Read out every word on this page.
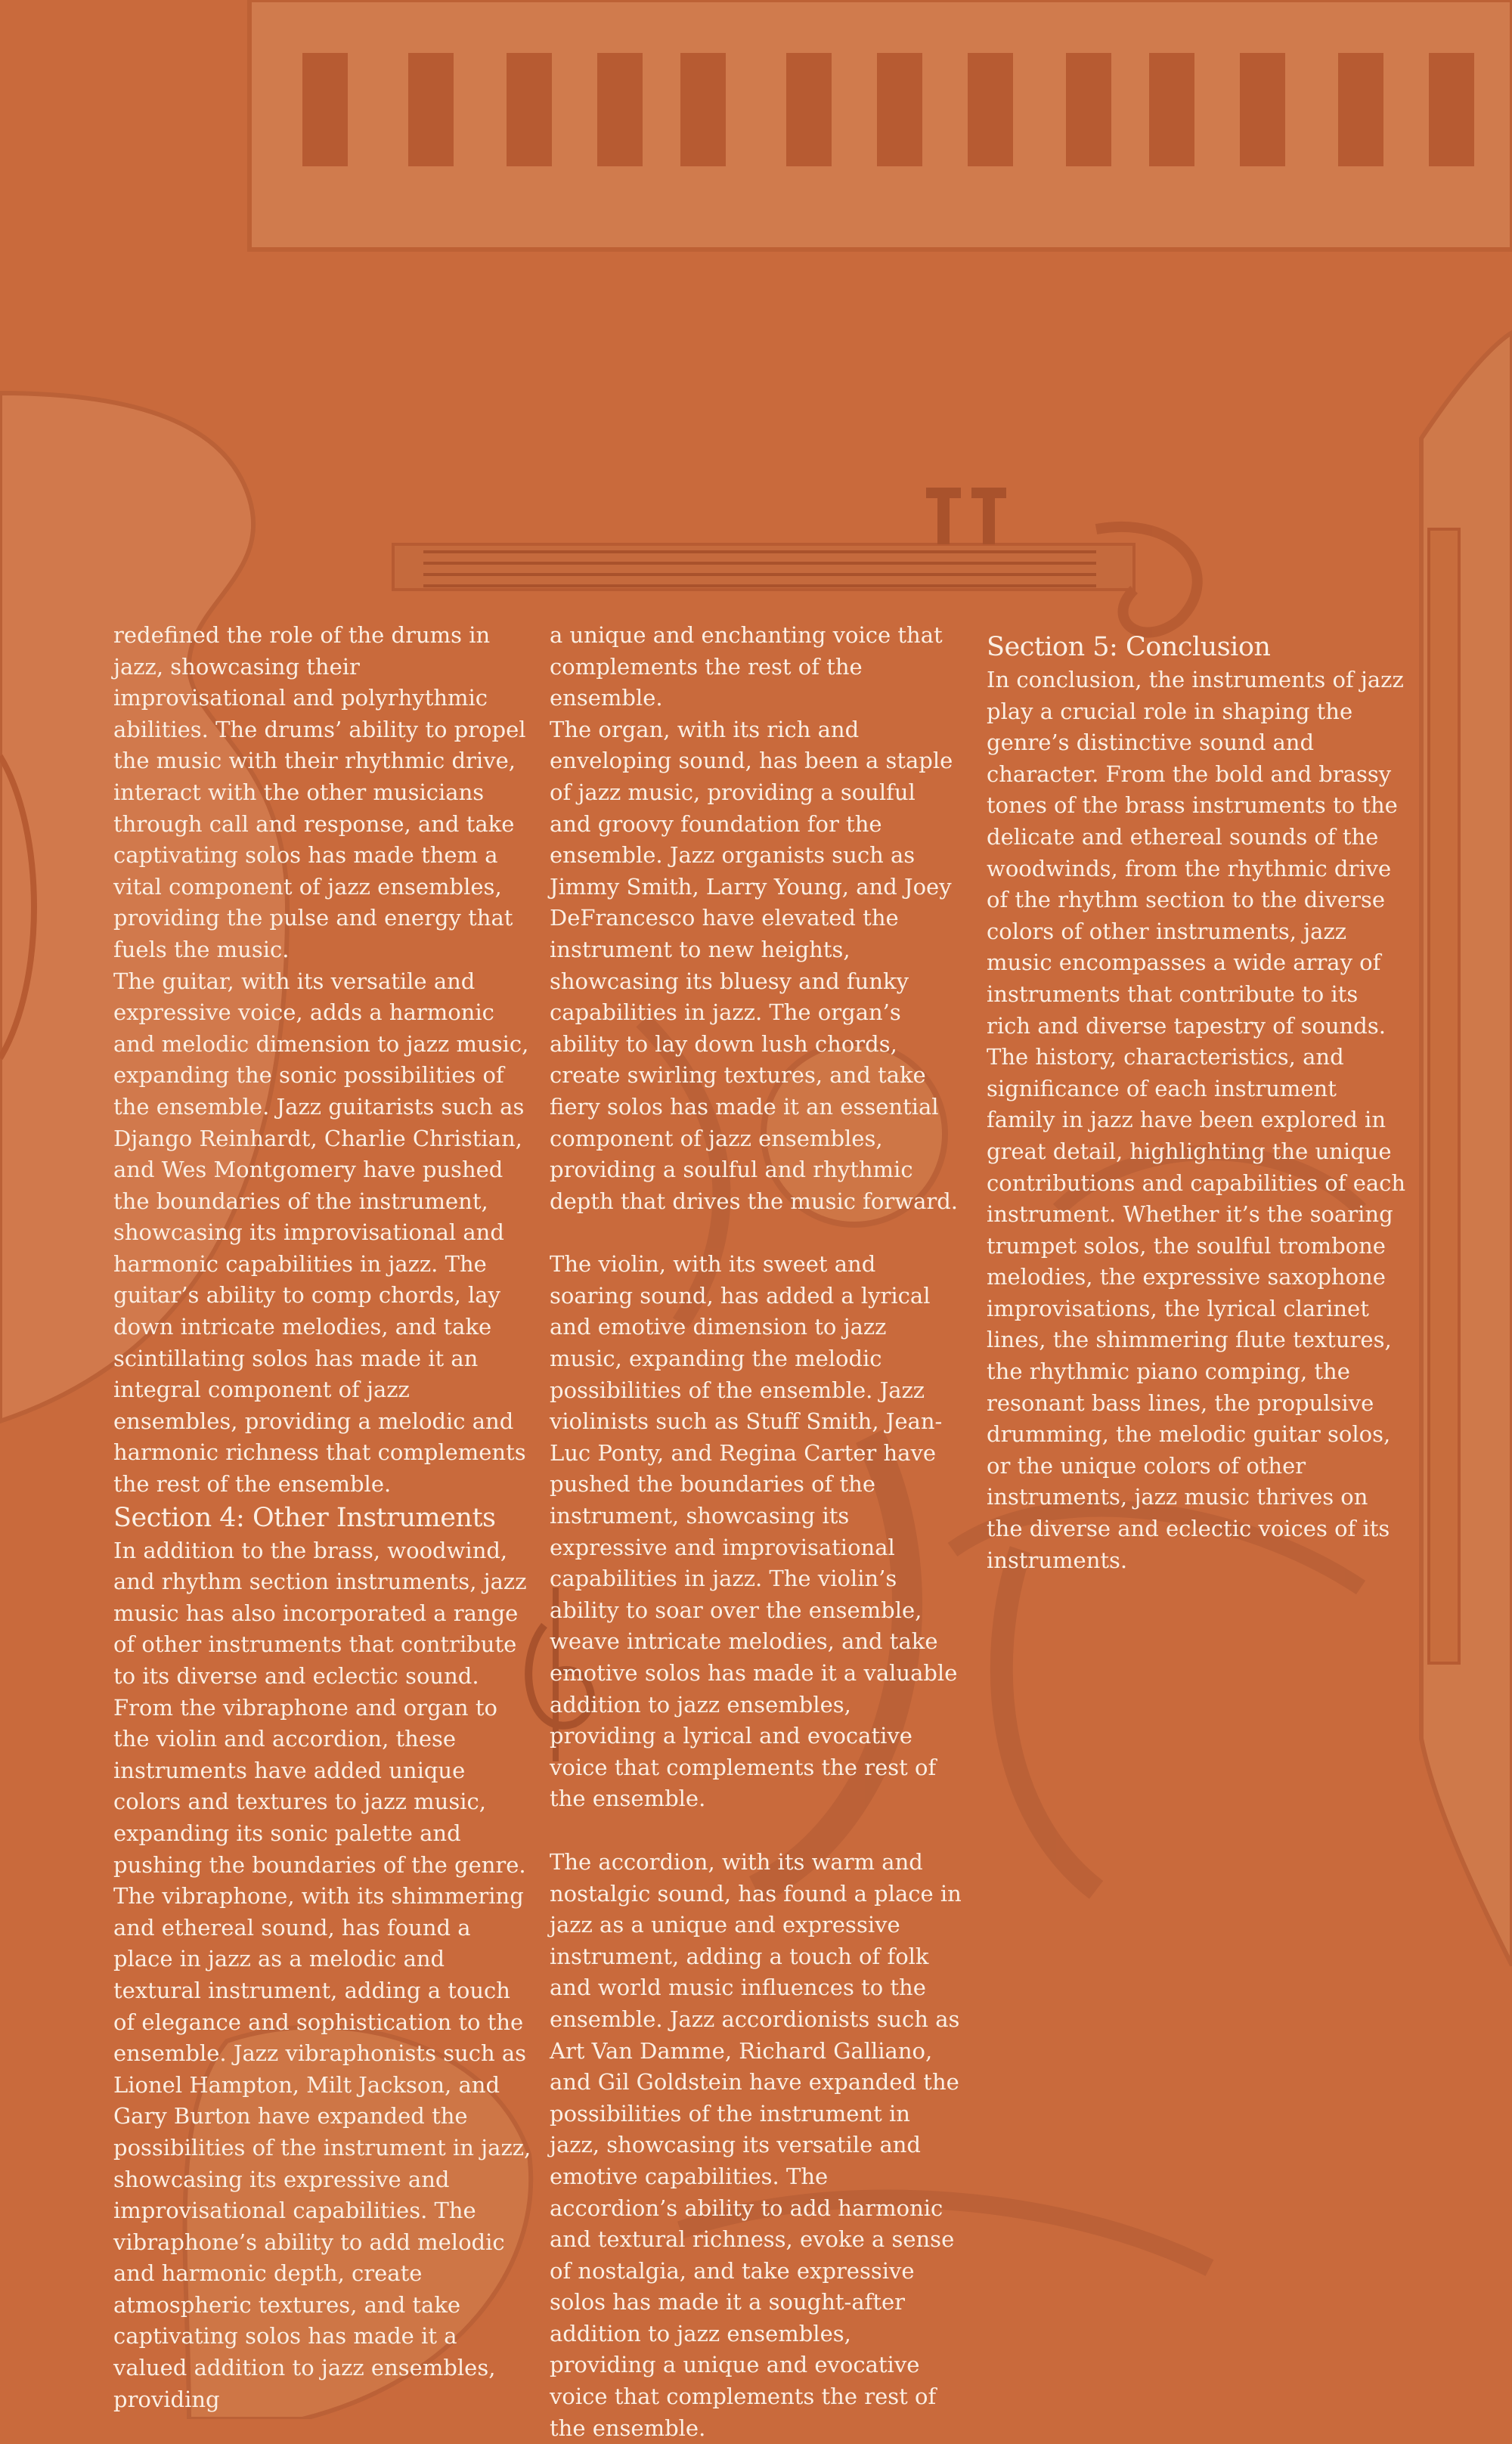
redefined the role of the drums in jazz, showcasing their improvisational and polyrhythmic abilities. The drums’ ability to propel the music with their rhythmic drive, interact with the other musicians through call and response, and take captivating solos has made them a vital component of jazz ensembles, providing the pulse and energy that fuels the music.

The guitar, with its versatile and expressive voice, adds a harmonic and melodic dimension to jazz music, expanding the sonic possibilities of the ensemble. Jazz guitarists such as Django Reinhardt, Charlie Christian, and Wes Montgomery have pushed the boundaries of the instrument, showcasing its improvisational and harmonic capabilities in jazz. The guitar’s ability to comp chords, lay down intricate melodies, and take scintillating solos has made it an integral component of jazz ensembles, providing a melodic and harmonic richness that complements the rest of the ensemble.

Section 4: Other Instruments

In addition to the brass, woodwind, and rhythm section instruments, jazz music has also incorporated a range of other instruments that contribute to its diverse and eclectic sound. From the vibraphone and organ to the violin and accordion, these instruments have added unique colors and textures to jazz music, expanding its sonic palette and pushing the boundaries of the genre.

The vibraphone, with its shimmering and ethereal sound, has found a place in jazz as a melodic and textural instrument, adding a touch of elegance and sophistication to the ensemble. Jazz vibraphonists such as Lionel Hampton, Milt Jackson, and Gary Burton have expanded the possibilities of the instrument in jazz, showcasing its expressive and improvisational capabilities. The vibraphone’s ability to add melodic and harmonic depth, create atmospheric textures, and take captivating solos has made it a valued addition to jazz ensembles, providing

a unique and enchanting voice that complements the rest of the ensemble.

The organ, with its rich and enveloping sound, has been a staple of jazz music, providing a soulful and groovy foundation for the ensemble. Jazz organists such as Jimmy Smith, Larry Young, and Joey DeFrancesco have elevated the instrument to new heights, showcasing its bluesy and funky capabilities in jazz. The organ’s ability to lay down lush chords, create swirling textures, and take fiery solos has made it an essential component of jazz ensembles, providing a soulful and rhythmic depth that drives the music forward.

The violin, with its sweet and soaring sound, has added a lyrical and emotive dimension to jazz music, expanding the melodic possibilities of the ensemble. Jazz violinists such as Stuff Smith, Jean-Luc Ponty, and Regina Carter have pushed the boundaries of the instrument, showcasing its expressive and improvisational capabilities in jazz. The violin’s ability to soar over the ensemble, weave intricate melodies, and take emotive solos has made it a valuable addition to jazz ensembles, providing a lyrical and evocative voice that complements the rest of the ensemble.

The accordion, with its warm and nostalgic sound, has found a place in jazz as a unique and expressive instrument, adding a touch of folk and world music influences to the ensemble. Jazz accordionists such as Art Van Damme, Richard Galliano, and Gil Goldstein have expanded the possibilities of the instrument in jazz, showcasing its versatile and emotive capabilities. The accordion’s ability to add harmonic and textural richness, evoke a sense of nostalgia, and take expressive solos has made it a sought-after addition to jazz ensembles, providing a unique and evocative voice that complements the rest of the ensemble.

Section 5: Conclusion

In conclusion, the instruments of jazz play a crucial role in shaping the genre’s distinctive sound and character. From the bold and brassy tones of the brass instruments to the delicate and ethereal sounds of the woodwinds, from the rhythmic drive of the rhythm section to the diverse colors of other instruments, jazz music encompasses a wide array of instruments that contribute to its rich and diverse tapestry of sounds.

The history, characteristics, and significance of each instrument family in jazz have been explored in great detail, highlighting the unique contributions and capabilities of each instrument. Whether it’s the soaring trumpet solos, the soulful trombone melodies, the expressive saxophone improvisations, the lyrical clarinet lines, the shimmering flute textures, the rhythmic piano comping, the resonant bass lines, the propulsive drumming, the melodic guitar solos, or the unique colors of other instruments, jazz music thrives on the diverse and eclectic voices of its instruments.
